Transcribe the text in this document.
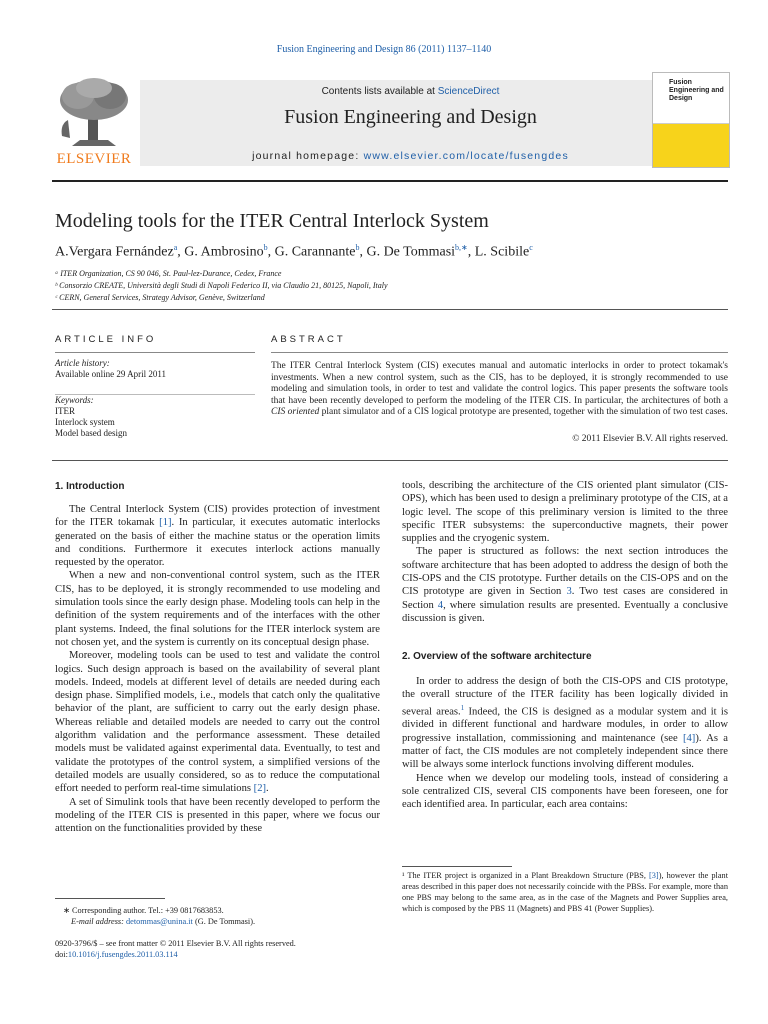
Fusion Engineering and Design 86 (2011) 1137–1140
ELSEVIER
Contents lists available at ScienceDirect
Fusion Engineering and Design
journal homepage: www.elsevier.com/locate/fusengdes
Fusion Engineering and Design
Modeling tools for the ITER Central Interlock System
A.Vergara Fernández$^a$, G. Ambrosino$^b$, G. Carannante$^b$, G. De Tommasi$^{b,∗}$, L. Scibile$^c$
ᵃ ITER Organization, CS 90 046, St. Paul-lez-Durance, Cedex, France
ᵇ Consorzio CREATE, Università degli Studi di Napoli Federico II, via Claudio 21, 80125, Napoli, Italy
ᶜ CERN, General Services, Strategy Advisor, Genève, Switzerland
ARTICLE INFO	ABSTRACT
Article history:
Available online 29 April 2011
Keywords:
ITER
Interlock system
Model based design
The ITER Central Interlock System (CIS) executes manual and automatic interlocks in order to protect tokamak's investments. When a new control system, such as the CIS, has to be deployed, it is strongly recommended to use modeling and simulation tools, in order to test and validate the control logics. This paper presents the software tools that have been recently developed to perform the modeling of the ITER CIS. In particular, the architectures of both a CIS oriented plant simulator and of a CIS logical prototype are presented, together with the simulation of two test cases.
© 2011 Elsevier B.V. All rights reserved.
1. Introduction

The Central Interlock System (CIS) provides protection of investment for the ITER tokamak [1]. In particular, it executes automatic interlocks generated on the basis of either the machine status or the operation limits and conditions. Furthermore it executes interlock actions manually requested by the operator.

When a new and non-conventional control system, such as the ITER CIS, has to be deployed, it is strongly recommended to use modeling and simulation tools since the early design phase. Modeling tools can help in the definition of the system requirements and of the interfaces with the other plant systems. Indeed, the final solutions for the ITER interlock system are not chosen yet, and the system is currently on its conceptual design phase.

Moreover, modeling tools can be used to test and validate the control logics. Such design approach is based on the availability of several plant models. Indeed, models at different level of details are needed during each design phase. Simplified models, i.e., models that catch only the qualitative behavior of the plant, are sufficient to carry out the early design phase. Whereas reliable and detailed models are needed to carry out the control algorithm validation and the performance assessment. These detailed models must be validated against experimental data. Eventually, to test and validate the prototypes of the control system, a simplified versions of the detailed models are usually considered, so as to reduce the computational effort needed to perform real-time simulations [2].

A set of Simulink tools that have been recently developed to perform the modeling of the ITER CIS is presented in this paper, where we focus our attention on the functionalities provided by these

tools, describing the architecture of the CIS oriented plant simulator (CIS-OPS), which has been used to design a preliminary prototype of the CIS, at a logic level. The scope of this preliminary version is limited to the three specific ITER subsystems: the superconductive magnets, their power supplies and the cryogenic system.

The paper is structured as follows: the next section introduces the software architecture that has been adopted to address the design of both the CIS-OPS and the CIS prototype. Further details on the CIS-OPS and on the CIS prototype are given in Section 3. Two test cases are considered in Section 4, where simulation results are presented. Eventually a conclusive discussion is given.

2. Overview of the software architecture

In order to address the design of both the CIS-OPS and CIS prototype, the overall structure of the ITER facility has been logically divided in several areas.$^1$ Indeed, the CIS is designed as a modular system and it is divided in different functional and hardware modules, in order to allow progressive installation, commissioning and maintenance (see [4]). As a matter of fact, the CIS modules are not completely independent since there will be always some interlock functions involving different modules.

Hence when we develop our modeling tools, instead of considering a sole centralized CIS, several CIS components have been foreseen, one for each identified area. In particular, each area contains:

∗ Corresponding author. Tel.: +39 0817683853.
E-mail address: detommas@unina.it (G. De Tommasi).
¹ The ITER project is organized in a Plant Breakdown Structure (PBS, [3]), however the plant areas described in this paper does not necessarily coincide with the PBSs. For example, more than one PBS may belong to the same area, as in the case of the Magnets and Power Supplies area, which is composed by the PBS 11 (Magnets) and PBS 41 (Power Supplies).
0920-3796/$ – see front matter © 2011 Elsevier B.V. All rights reserved.
doi:10.1016/j.fusengdes.2011.03.114
